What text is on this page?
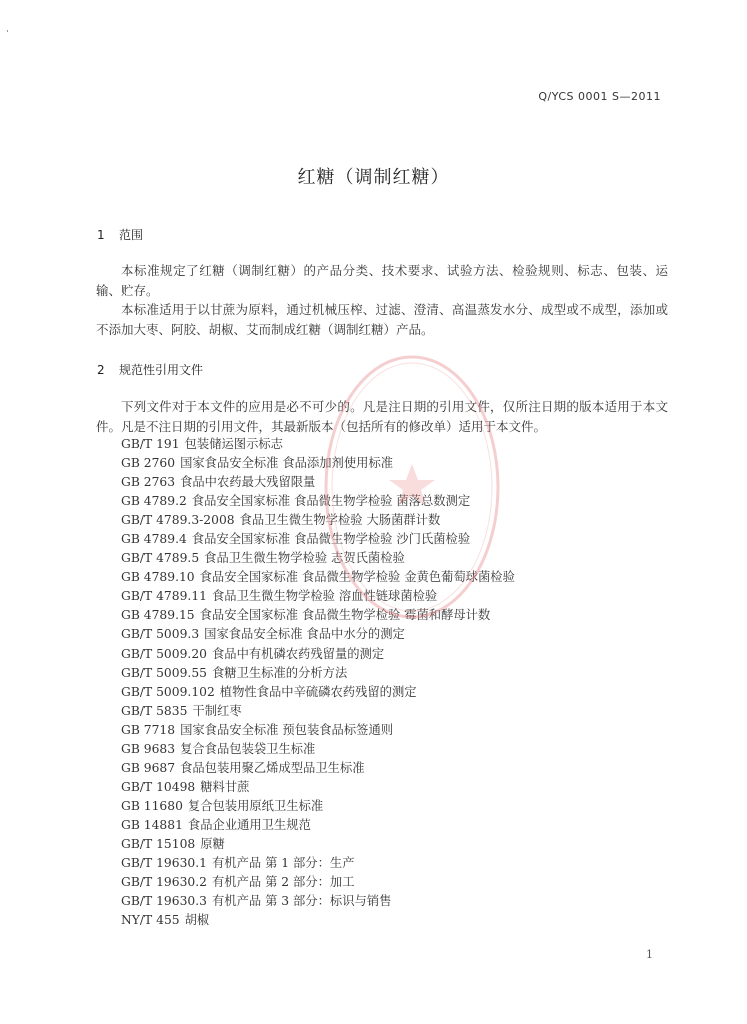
Q/YCS 0001 S—2011
红糖（调制红糖）
1 范围

本标准规定了红糖（调制红糖）的产品分类、技术要求、试验方法、检验规则、标志、包装、运输、贮存。

本标准适用于以甘蔗为原料，通过机械压榨、过滤、澄清、高温蒸发水分、成型或不成型，添加或不添加大枣、阿胶、胡椒、艾而制成红糖（调制红糖）产品。

2 规范性引用文件

下列文件对于本文件的应用是必不可少的。凡是注日期的引用文件，仅所注日期的版本适用于本文件。凡是不注日期的引用文件，其最新版本（包括所有的修改单）适用于本文件。

GB/T 191 包装储运图示标志
GB 2760 国家食品安全标准 食品添加剂使用标准
GB 2763 食品中农药最大残留限量
GB 4789.2 食品安全国家标准 食品微生物学检验 菌落总数测定
GB/T 4789.3-2008 食品卫生微生物学检验 大肠菌群计数
GB 4789.4 食品安全国家标准 食品微生物学检验 沙门氏菌检验
GB/T 4789.5 食品卫生微生物学检验 志贺氏菌检验
GB 4789.10 食品安全国家标准 食品微生物学检验 金黄色葡萄球菌检验
GB/T 4789.11 食品卫生微生物学检验 溶血性链球菌检验
GB 4789.15 食品安全国家标准 食品微生物学检验 霉菌和酵母计数
GB/T 5009.3 国家食品安全标准 食品中水分的测定
GB/T 5009.20 食品中有机磷农药残留量的测定
GB/T 5009.55 食糖卫生标准的分析方法
GB/T 5009.102 植物性食品中辛硫磷农药残留的测定
GB/T 5835 干制红枣
GB 7718 国家食品安全标准 预包装食品标签通则
GB 9683 复合食品包装袋卫生标准
GB 9687 食品包装用聚乙烯成型品卫生标准
GB/T 10498 糖料甘蔗
GB 11680 复合包装用原纸卫生标准
GB 14881 食品企业通用卫生规范
GB/T 15108 原糖
GB/T 19630.1 有机产品 第 1 部分：生产
GB/T 19630.2 有机产品 第 2 部分：加工
GB/T 19630.3 有机产品 第 3 部分：标识与销售
NY/T 455 胡椒
1
